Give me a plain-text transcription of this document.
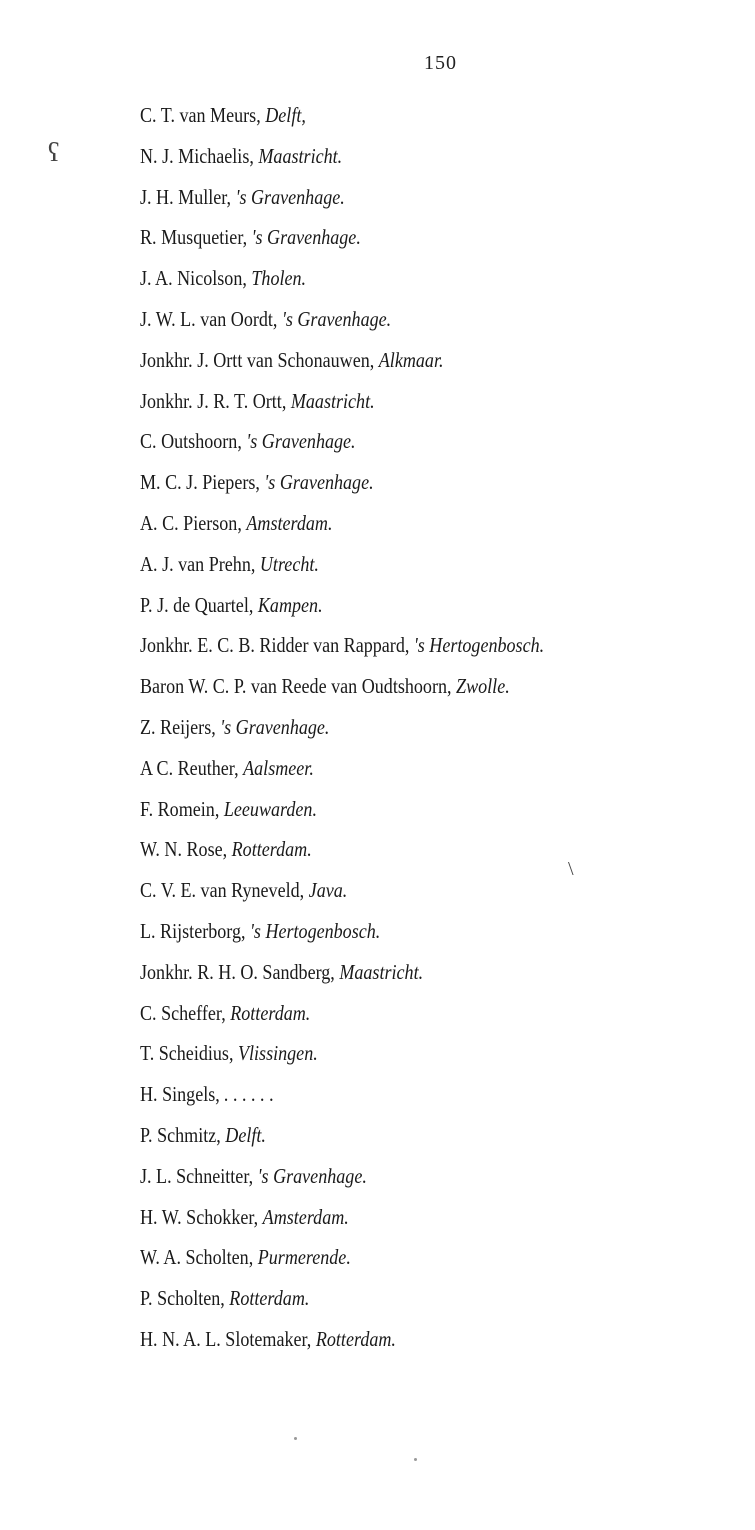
150
ʕ
\
C. T. van Meurs, Delft,
N. J. Michaelis, Maastricht.
J. H. Muller, 's Gravenhage.
R. Musquetier, 's Gravenhage.
J. A. Nicolson, Tholen.
J. W. L. van Oordt, 's Gravenhage.
Jonkhr. J. Ortt van Schonauwen, Alkmaar.
Jonkhr. J. R. T. Ortt, Maastricht.
C. Outshoorn, 's Gravenhage.
M. C. J. Piepers, 's Gravenhage.
A. C. Pierson, Amsterdam.
A. J. van Prehn, Utrecht.
P. J. de Quartel, Kampen.
Jonkhr. E. C. B. Ridder van Rappard, 's Hertogenbosch.
Baron W. C. P. van Reede van Oudtshoorn, Zwolle.
Z. Reijers, 's Gravenhage.
A C. Reuther, Aalsmeer.
F. Romein, Leeuwarden.
W. N. Rose, Rotterdam.
C. V. E. van Ryneveld, Java.
L. Rijsterborg, 's Hertogenbosch.
Jonkhr. R. H. O. Sandberg, Maastricht.
C. Scheffer, Rotterdam.
T. Scheidius, Vlissingen.
H. Singels, . . . . . .
P. Schmitz, Delft.
J. L. Schneitter, 's Gravenhage.
H. W. Schokker, Amsterdam.
W. A. Scholten, Purmerende.
P. Scholten, Rotterdam.
H. N. A. L. Slotemaker, Rotterdam.
